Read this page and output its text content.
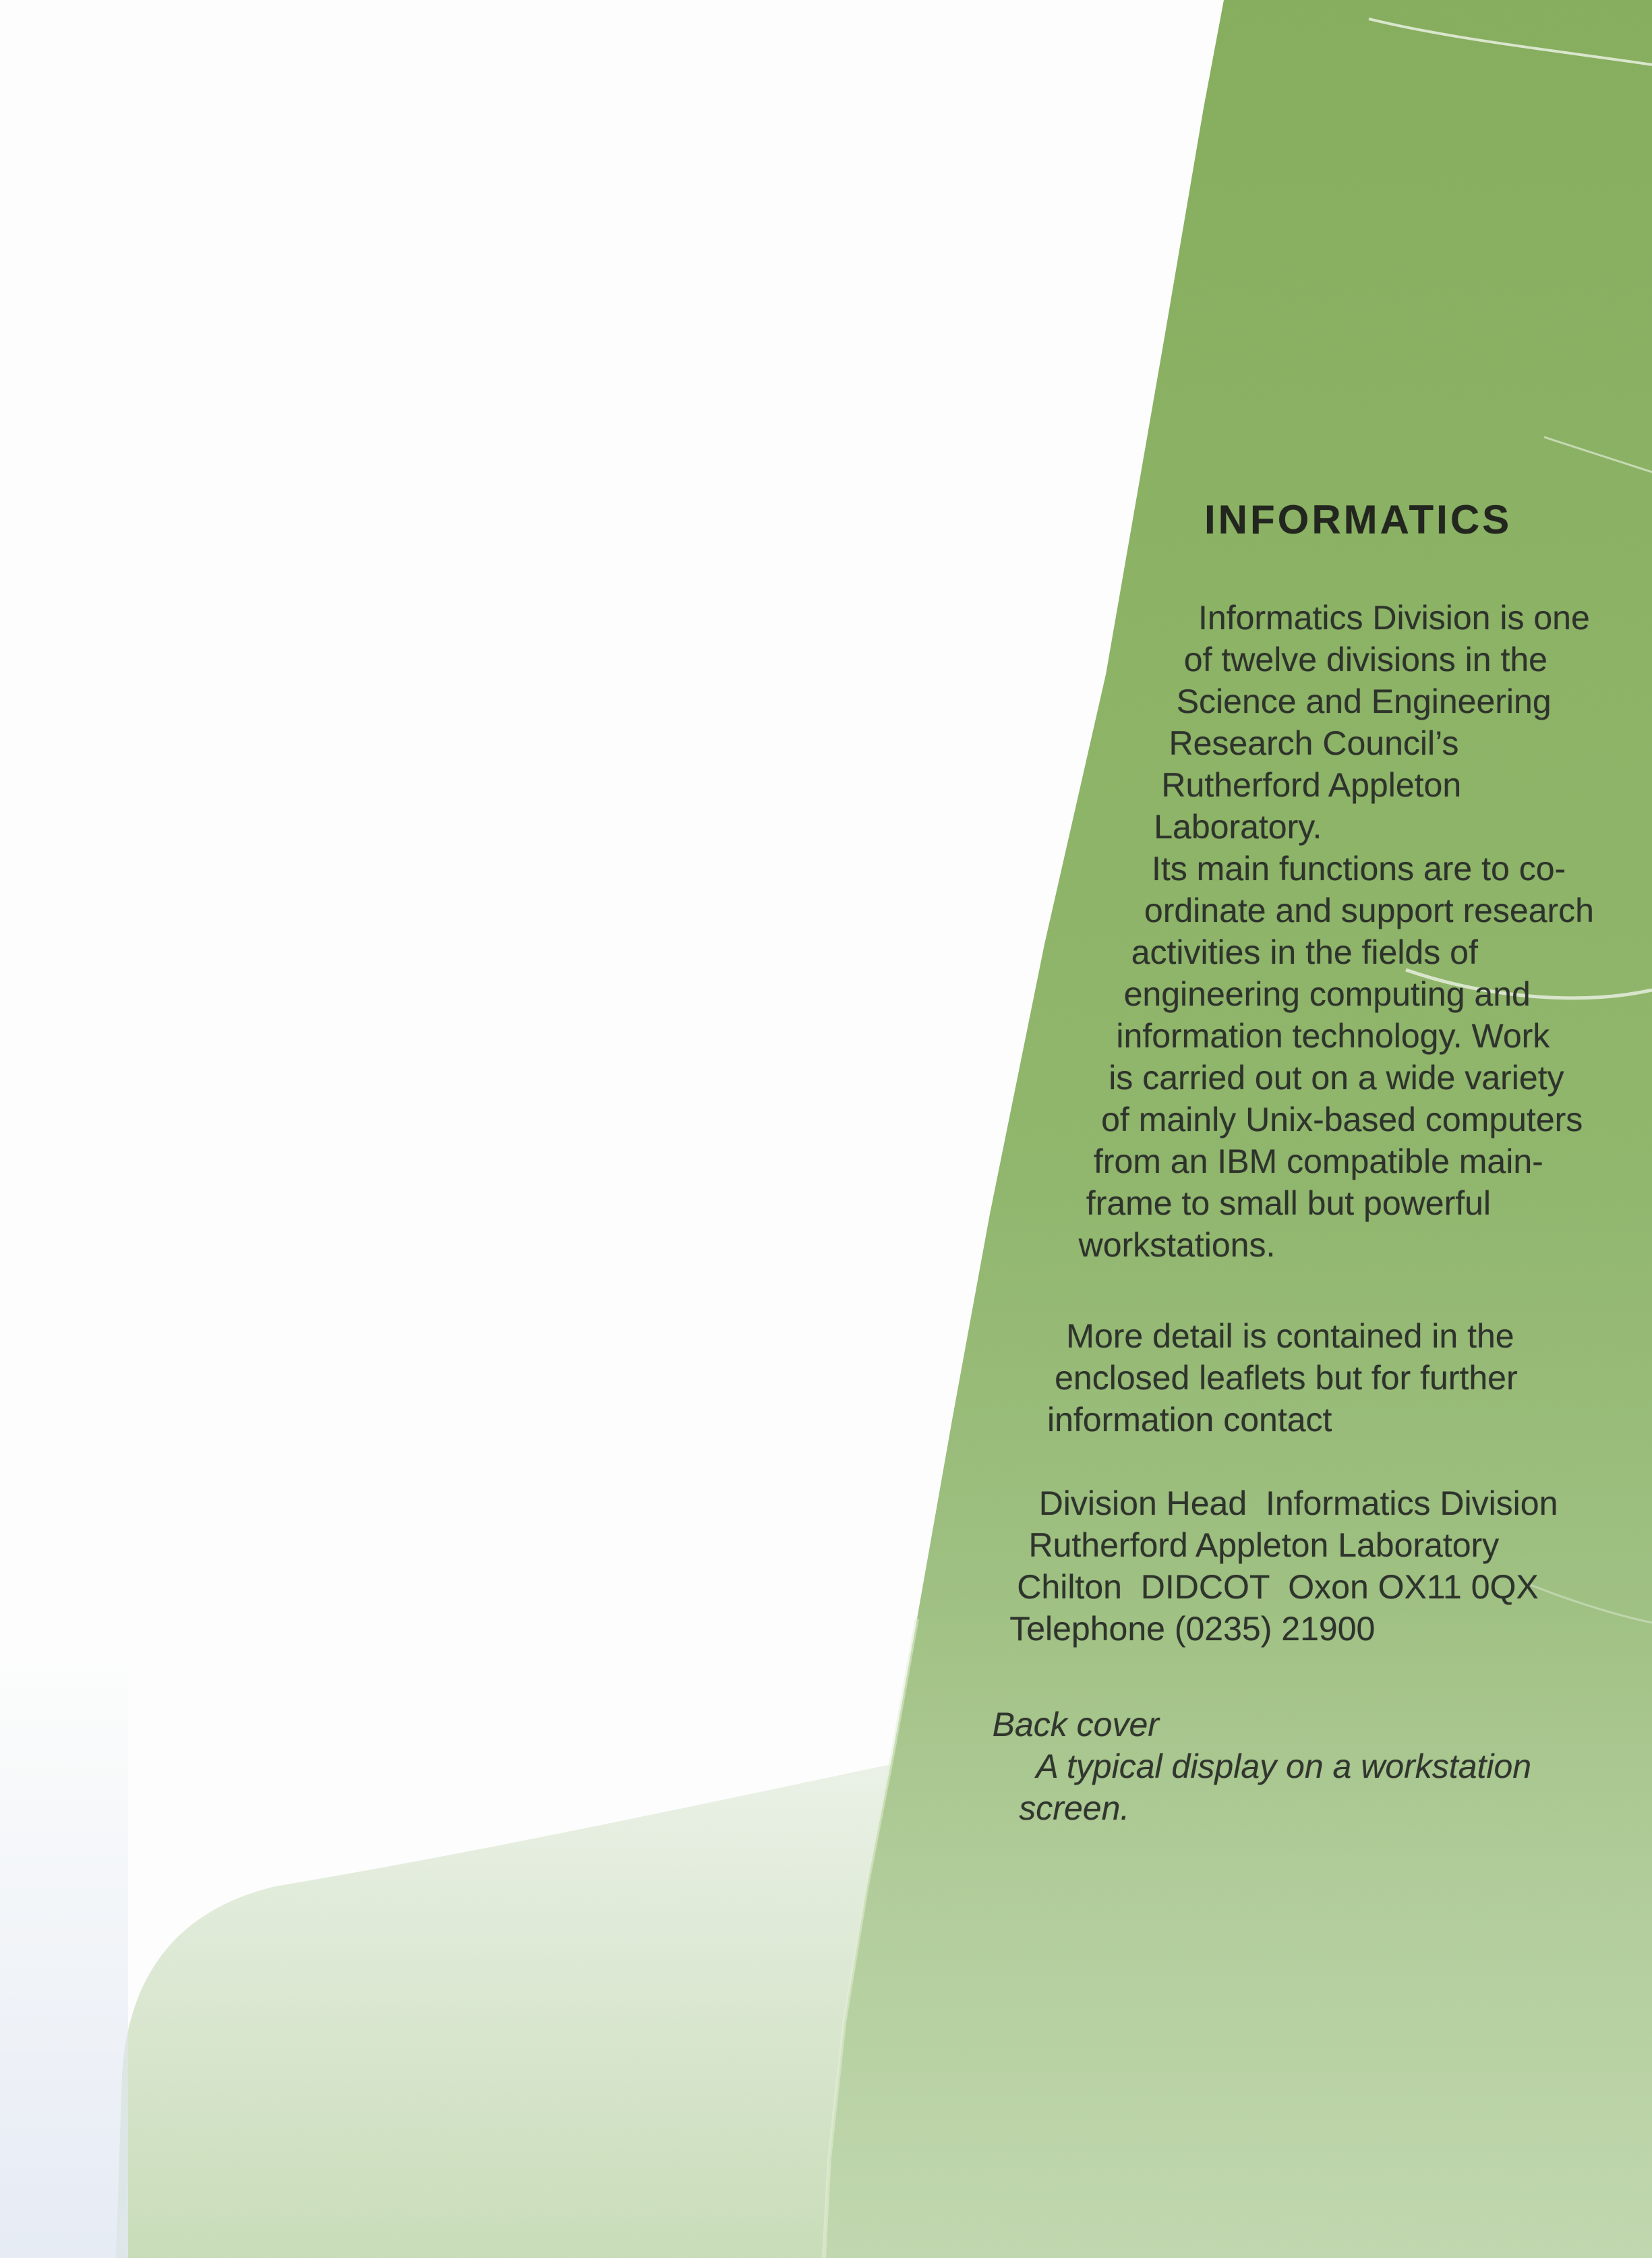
INFORMATICS
Informatics Division is one
of twelve divisions in the
Science and Engineering
Research Council’s
Rutherford Appleton
Laboratory.
Its main functions are to co-
ordinate and support research
activities in the fields of
engineering computing and
information technology. Work
is carried out on a wide variety
of mainly Unix-based computers
from an IBM compatible main-
frame to small but powerful
workstations.
More detail is contained in the
enclosed leaflets but for further
information contact
Division Head  Informatics Division
Rutherford Appleton Laboratory
Chilton  DIDCOT  Oxon OX11 0QX
Telephone (0235) 21900
Back cover
A typical display on a workstation
screen.
